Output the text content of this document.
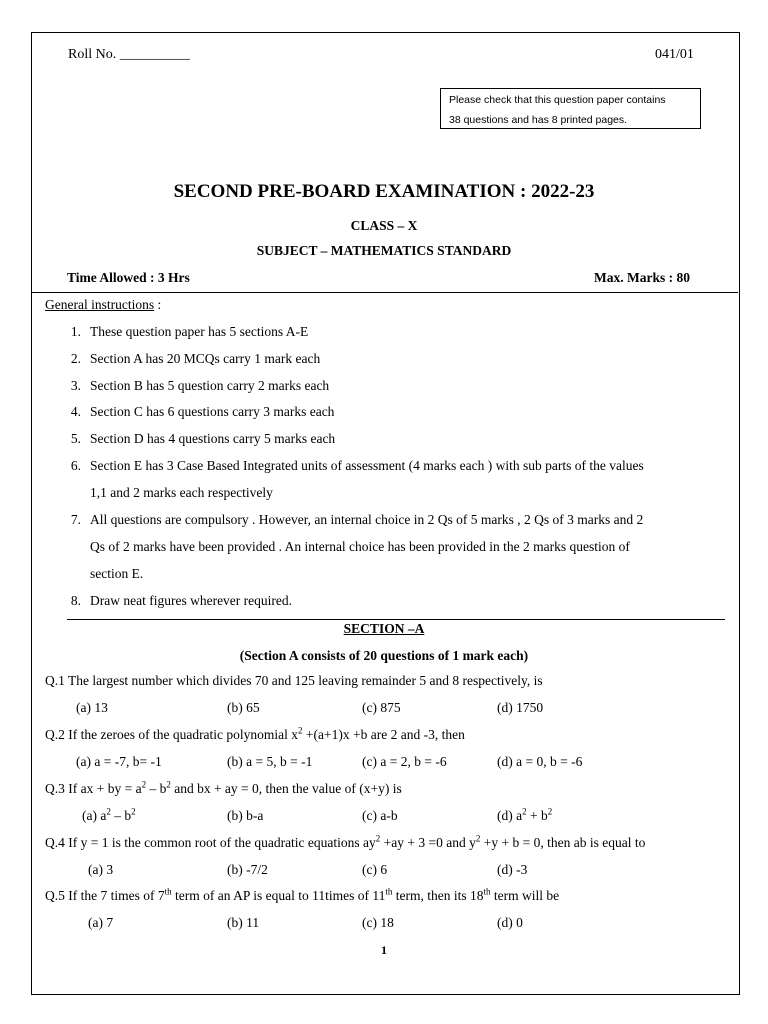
Roll No. __________	041/01
Please check that this question paper contains
38 questions and has 8 printed pages.
SECOND PRE-BOARD EXAMINATION : 2022-23
CLASS – X
SUBJECT – MATHEMATICS STANDARD
Time Allowed : 3 Hrs	Max. Marks : 80
General instructions :
1. These question paper has 5 sections A-E
2. Section A has 20 MCQs carry 1 mark each
3. Section B has 5 question carry 2 marks each
4. Section C has 6 questions carry 3 marks each
5. Section D has 4 questions carry 5 marks each
6. Section E has 3 Case Based Integrated units of assessment (4 marks each ) with sub parts of the values
1,1 and 2 marks each respectively
7. All questions are compulsory . However, an internal choice in 2 Qs of 5 marks , 2 Qs of 3 marks and 2
Qs of 2 marks have been provided . An internal choice has been provided in the 2 marks question of
section E.
8. Draw neat figures wherever required.
SECTION –A
(Section A consists of 20 questions of 1 mark each)
Q.1 The largest number which divides 70 and 125 leaving remainder 5 and 8 respectively, is
(a) 13	(b) 65	(c) 875	(d) 1750
Q.2 If the zeroes of the quadratic polynomial $x^2 +(a+1)x +b$ are 2 and -3, then
(a) a = -7, b= -1	(b) a = 5, b = -1	(c) a = 2, b = -6	(d) a = 0, b = -6
Q.3 If ax + by = $a^2 - b^2$ and bx + ay = 0, then the value of (x+y) is
(a) $a^2 - b^2$	(b) b-a	(c) a-b	(d) $a^2 + b^2$
Q.4 If y = 1 is the common root of the quadratic equations $ay^2 +ay + 3 =0$ and $y^2 +y + b = 0$, then ab is equal to
(a) 3	(b) -7/2	(c) 6	(d) -3
Q.5 If the 7 times of 7th term of an AP is equal to 11times of 11th term, then its 18th term will be
(a) 7	(b) 11	(c) 18	(d) 0
1
